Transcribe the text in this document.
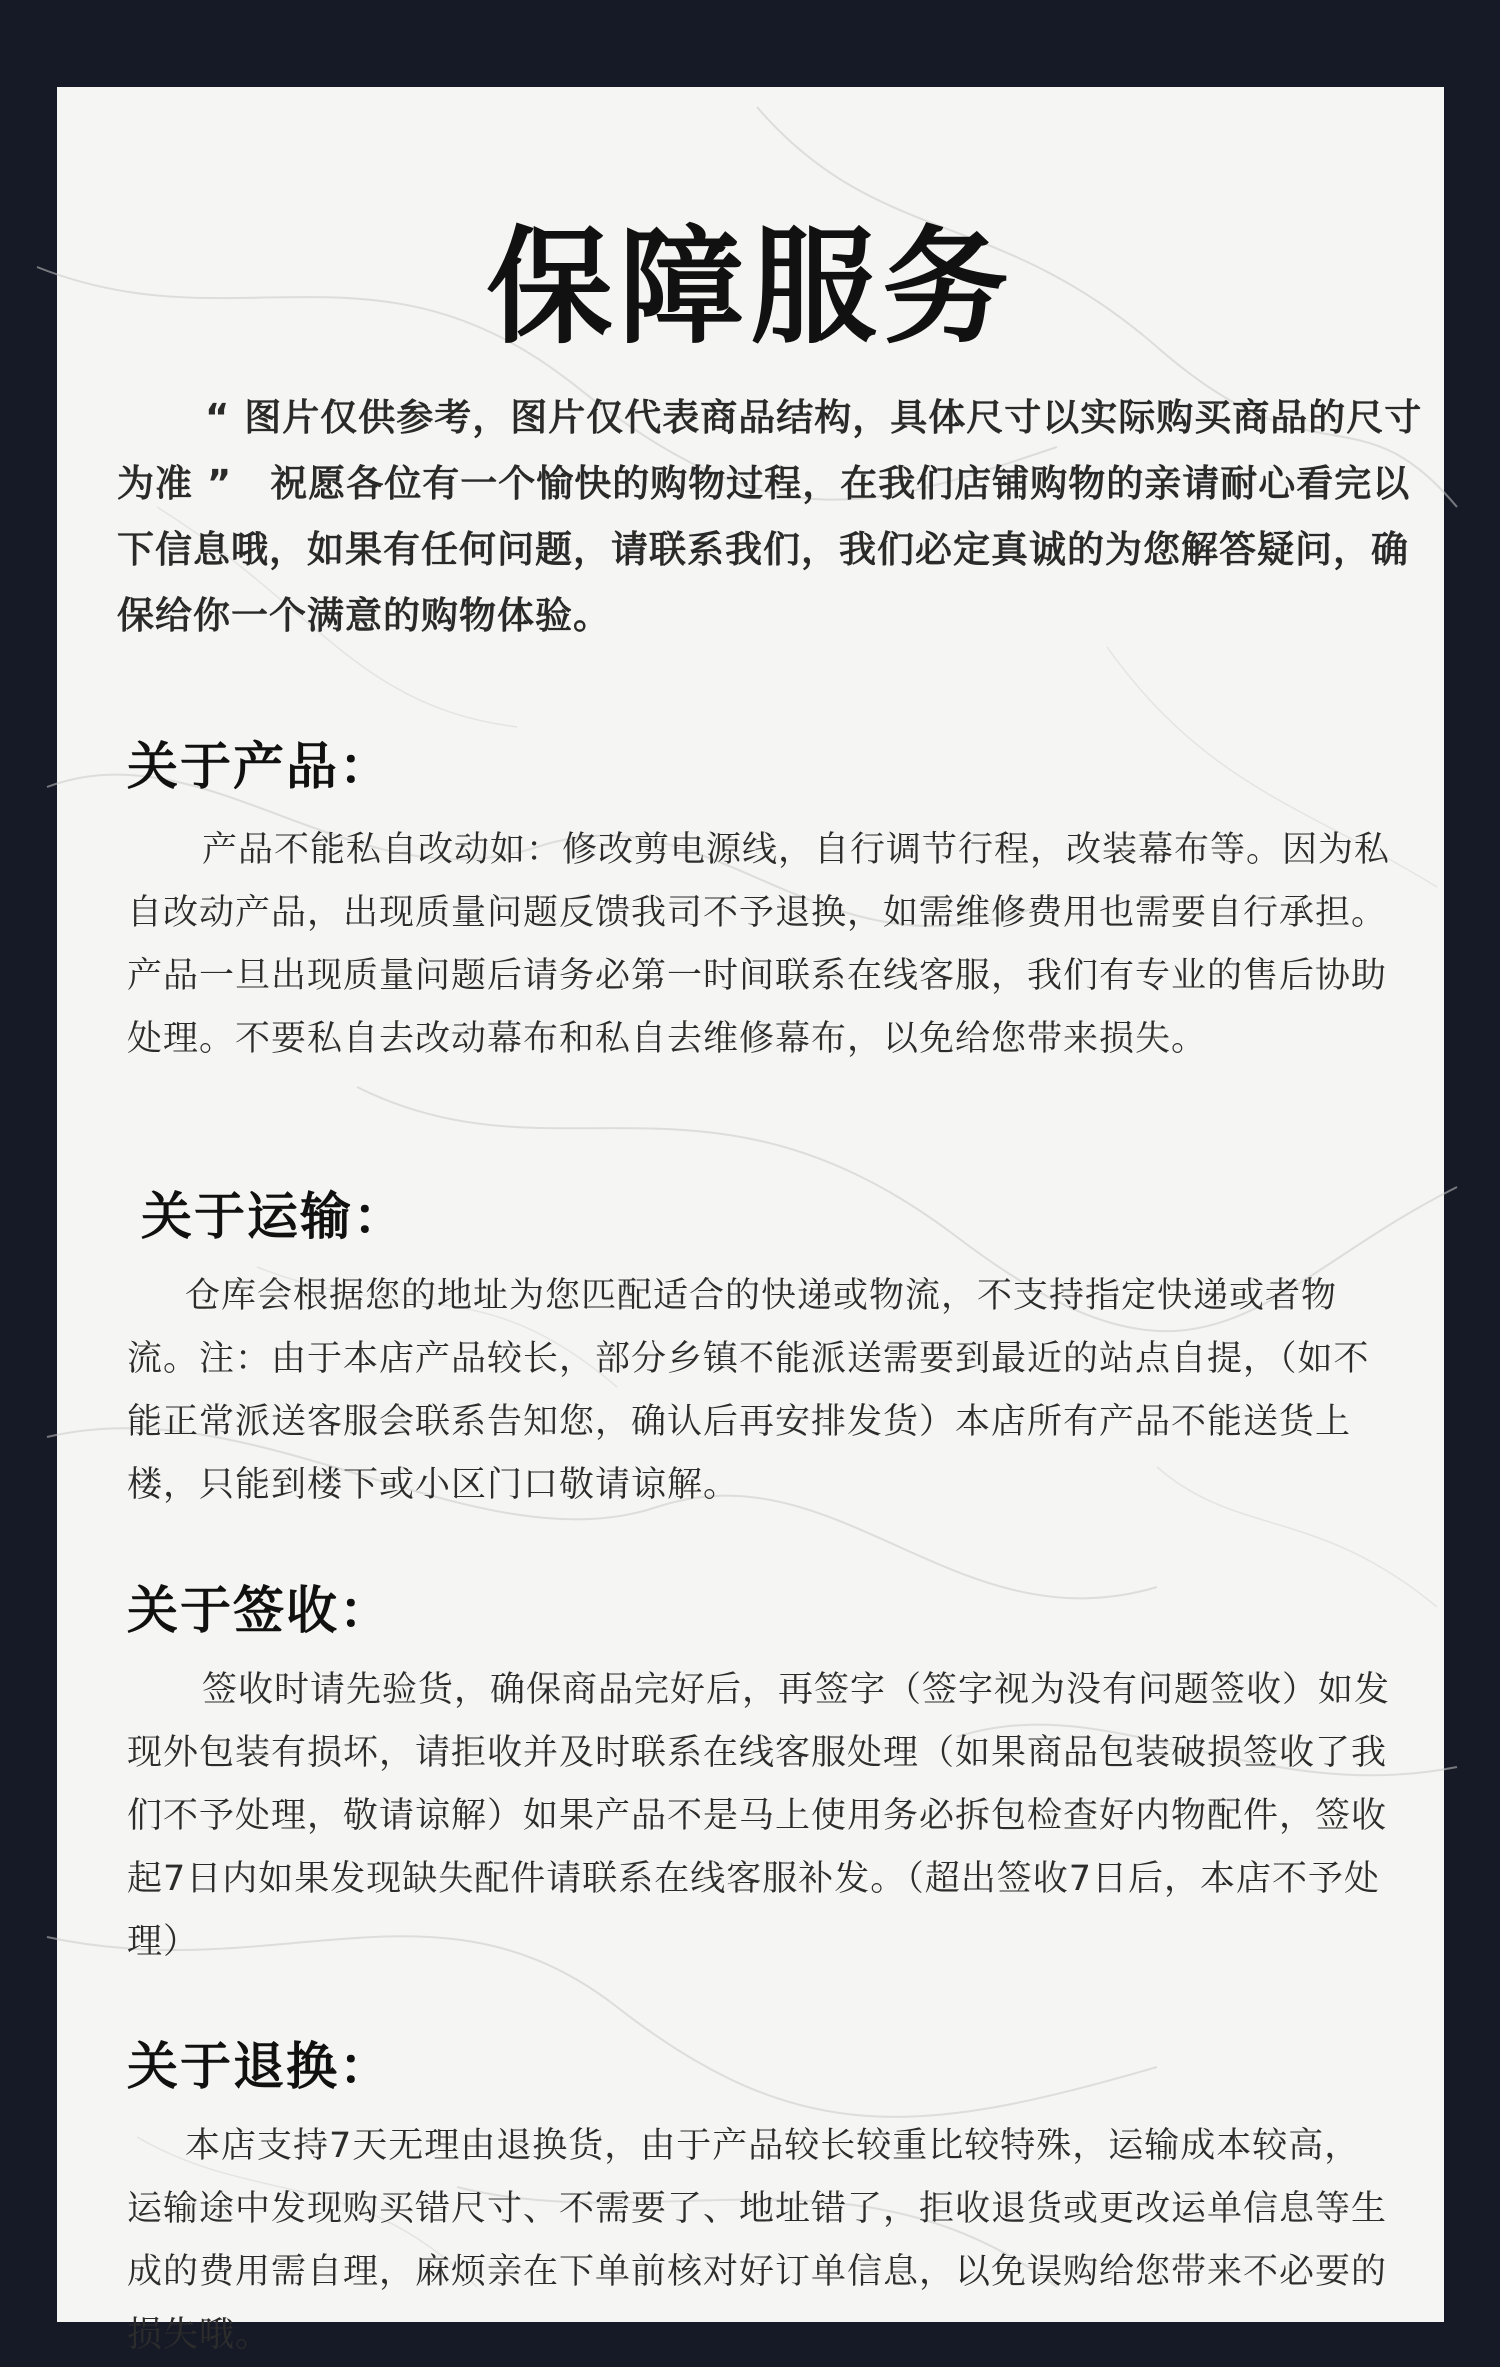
保障服务
“ 图片仅供参考，图片仅代表商品结构，具体尺寸以实际购买商品的尺寸为准 ”　祝愿各位有一个愉快的购物过程，在我们店铺购物的亲请耐心看完以下信息哦，如果有任何问题，请联系我们，我们必定真诚的为您解答疑问，确保给你一个满意的购物体验。
关于产品：
产品不能私自改动如：修改剪电源线，自行调节行程，改装幕布等。因为私自改动产品，出现质量问题反馈我司不予退换，如需维修费用也需要自行承担。产品一旦出现质量问题后请务必第一时间联系在线客服，我们有专业的售后协助处理。不要私自去改动幕布和私自去维修幕布，以免给您带来损失。
关于运输：
仓库会根据您的地址为您匹配适合的快递或物流，不支持指定快递或者物流。注：由于本店产品较长，部分乡镇不能派送需要到最近的站点自提，（如不能正常派送客服会联系告知您，确认后再安排发货）本店所有产品不能送货上楼，只能到楼下或小区门口敬请谅解。
关于签收：
签收时请先验货，确保商品完好后，再签字（签字视为没有问题签收）如发现外包装有损坏，请拒收并及时联系在线客服处理（如果商品包装破损签收了我们不予处理，敬请谅解）如果产品不是马上使用务必拆包检查好内物配件，签收起7日内如果发现缺失配件请联系在线客服补发。（超出签收7日后，本店不予处理）
关于退换：
本店支持7天无理由退换货，由于产品较长较重比较特殊，运输成本较高，运输途中发现购买错尺寸、不需要了、地址错了，拒收退货或更改运单信息等生成的费用需自理，麻烦亲在下单前核对好订单信息，以免误购给您带来不必要的损失哦。
